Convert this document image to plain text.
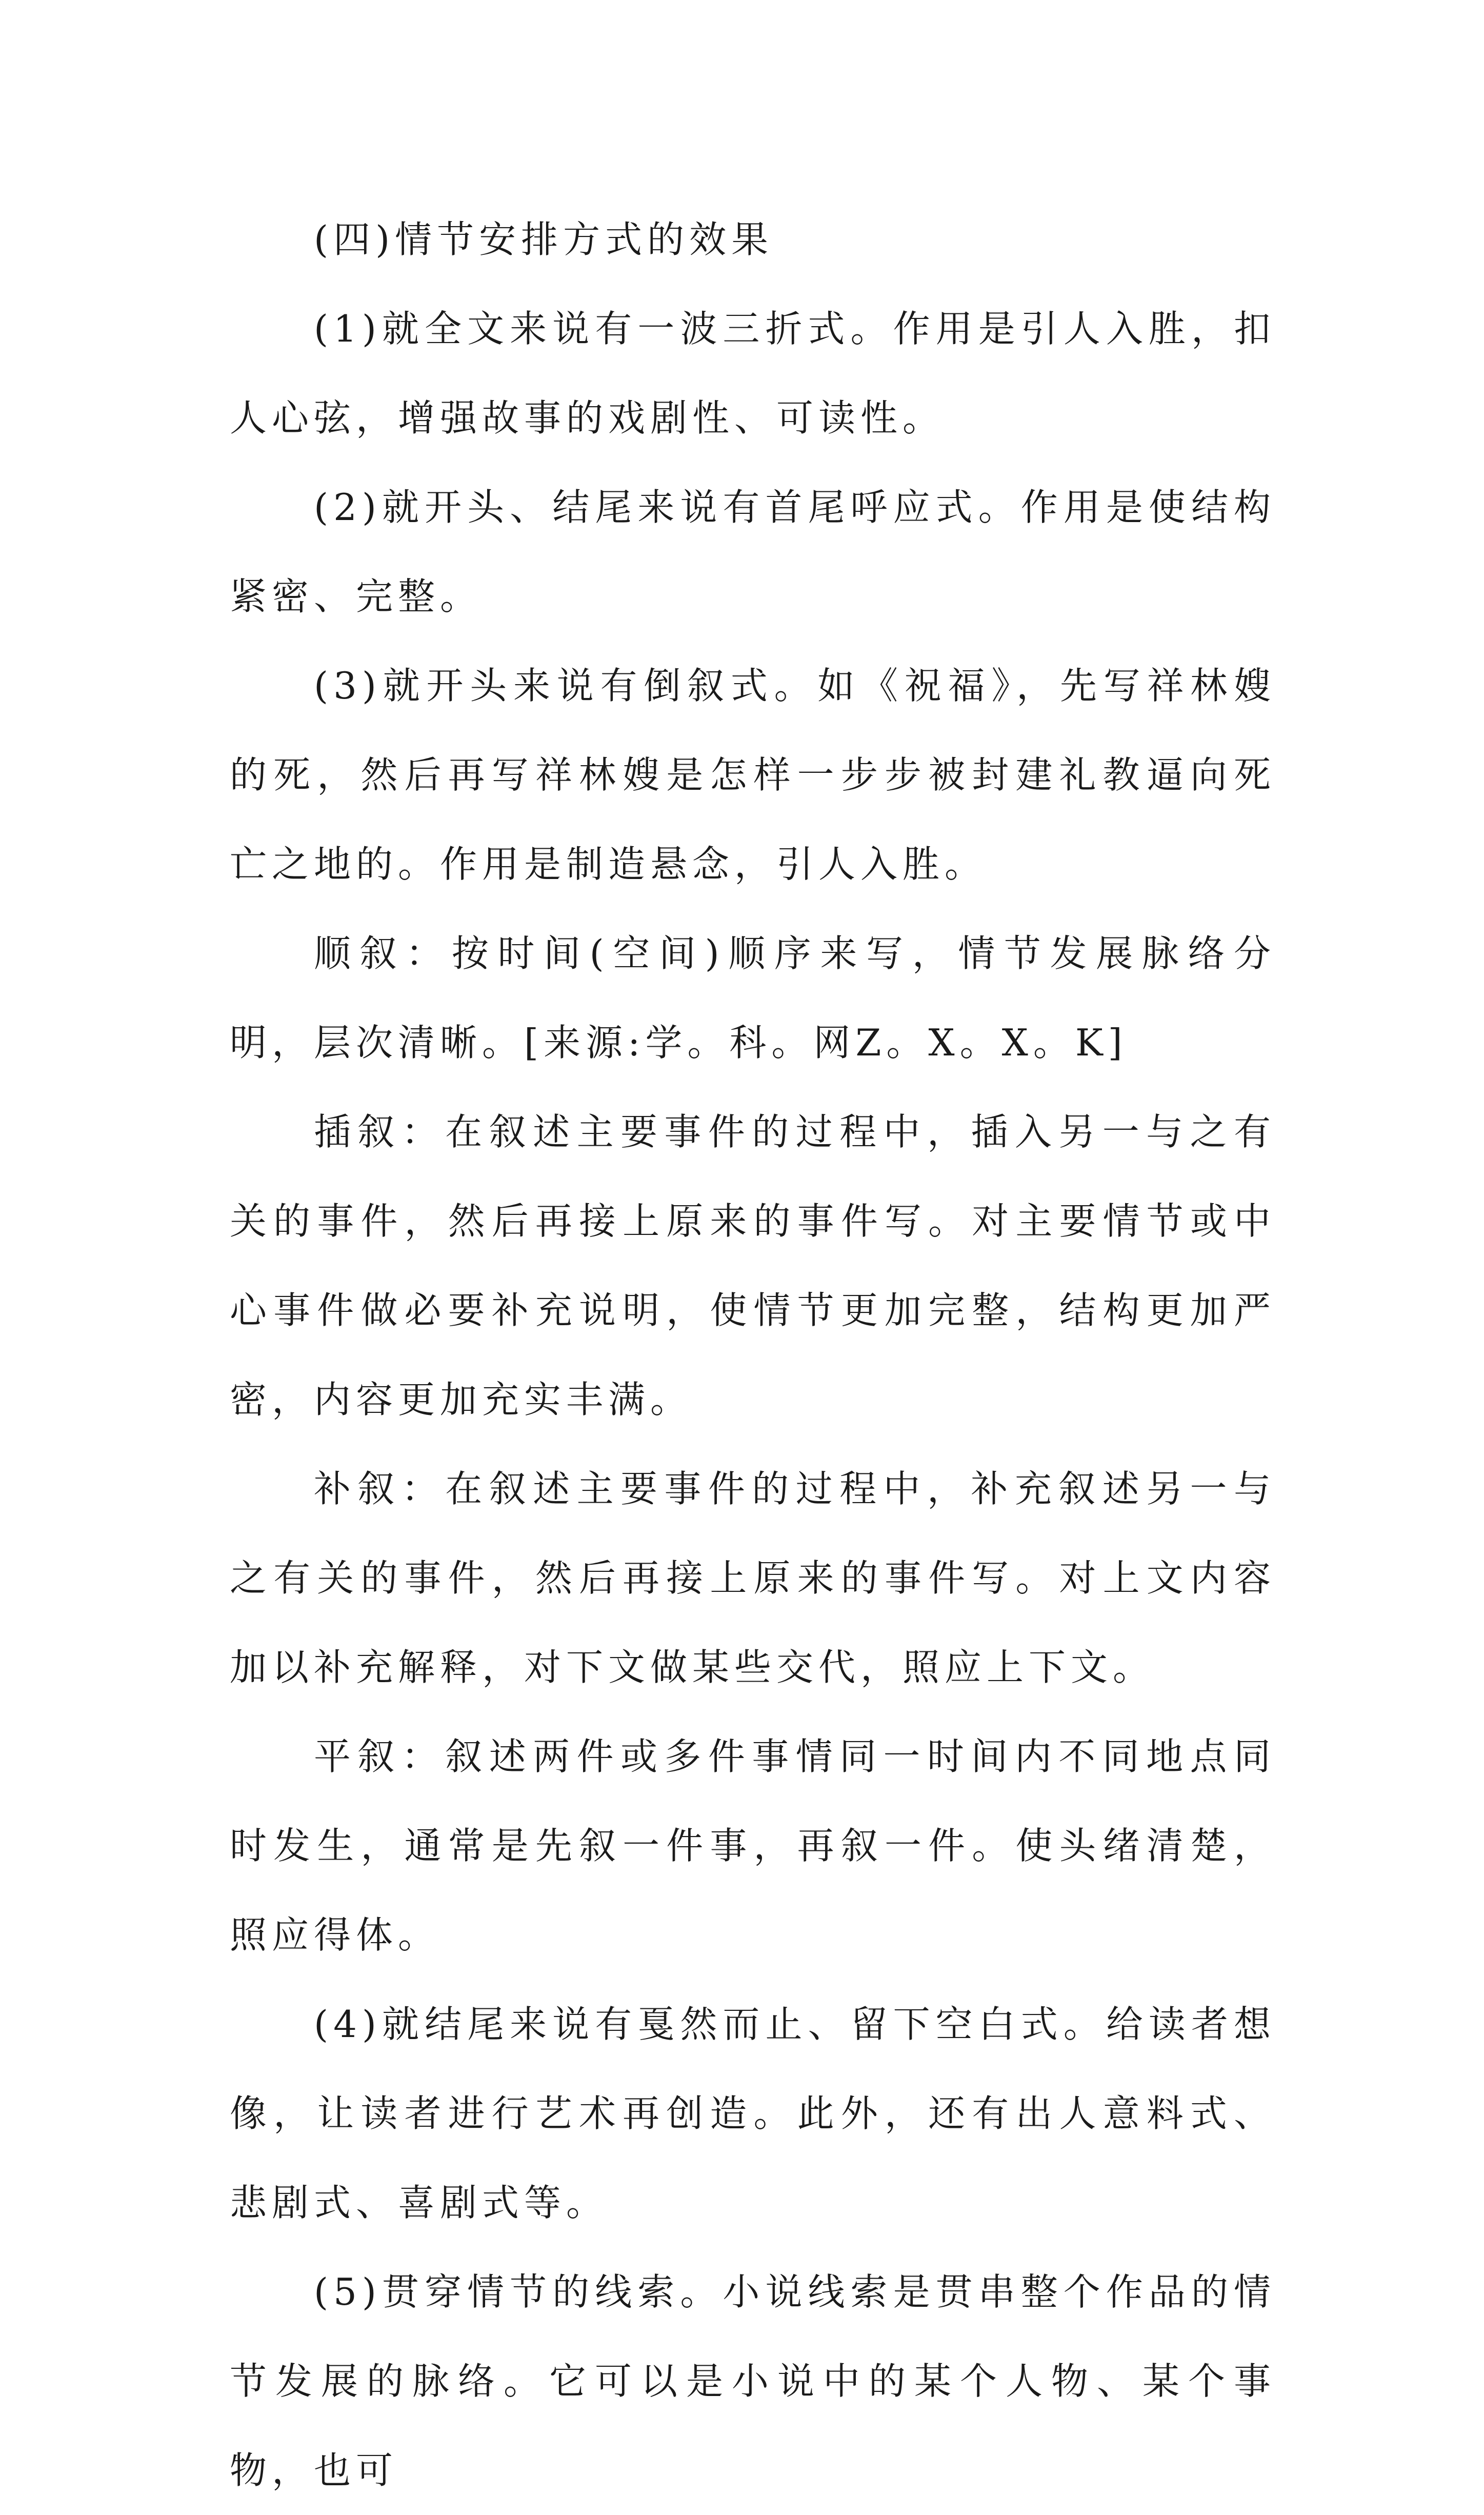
(四)情节安排方式的效果

(1)就全文来说有一波三折式。作用是引人入胜，扣人心弦，增强故事的戏剧性、可读性。

(2)就开头、结尾来说有首尾呼应式。作用是使结构紧密、完整。

(3)就开头来说有倒叙式。如《祝福》，先写祥林嫂的死，然后再写祥林嫂是怎样一步步被封建礼教逼向死亡之地的。作用是制造悬念，引人入胜。

顺叙：按时间(空间)顺序来写，情节发展脉络分明，层次清晰。[来源:学。科。网Z。X。X。K]

插叙：在叙述主要事件的过程中，插入另一与之有关的事件，然后再接上原来的事件写。对主要情节或中心事件做必要补充说明，使情节更加完整，结构更加严密，内容更加充实丰满。

补叙：在叙述主要事件的过程中，补充叙述另一与之有关的事件，然后再接上原来的事件写。对上文内容加以补充解释，对下文做某些交代，照应上下文。

平叙：叙述两件或多件事情同一时间内不同地点同时发生，通常是先叙一件事，再叙一件。使头绪清楚，照应得体。

(4)就结尾来说有戛然而止、留下空白式。给读者想像，让读者进行艺术再创造。此外，还有出人意料式、悲剧式、喜剧式等。

(5)贯穿情节的线索。小说线索是贯串整个作品的情节发展的脉络。它可以是小说中的某个人物、某个事物，也可
